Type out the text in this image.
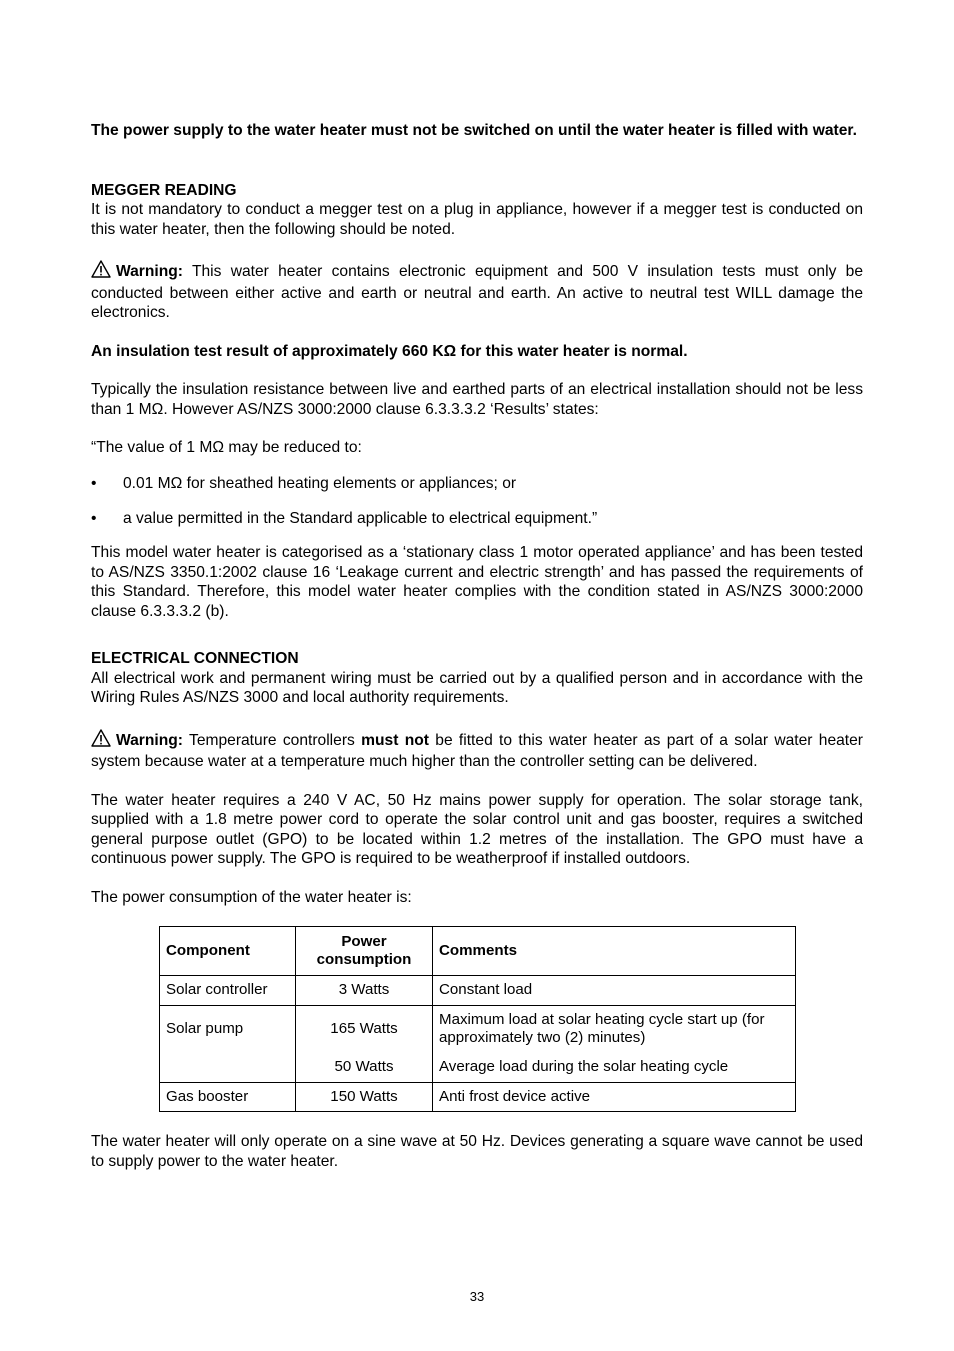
The power supply to the water heater must not be switched on until the water heater is filled with water.

MEGGER READING

It is not mandatory to conduct a megger test on a plug in appliance, however if a megger test is conducted on this water heater, then the following should be noted.

Warning: This water heater contains electronic equipment and 500 V insulation tests must only be conducted between either active and earth or neutral and earth. An active to neutral test WILL damage the electronics.

An insulation test result of approximately 660 KΩ for this water heater is normal.

Typically the insulation resistance between live and earthed parts of an electrical installation should not be less than 1 MΩ. However AS/NZS 3000:2000 clause 6.3.3.3.2 ‘Results’ states:

“The value of 1 MΩ may be reduced to:

• 0.01 MΩ for sheathed heating elements or appliances; or
• a value permitted in the Standard applicable to electrical equipment.”

This model water heater is categorised as a ‘stationary class 1 motor operated appliance’ and has been tested to AS/NZS 3350.1:2002 clause 16 ‘Leakage current and electric strength’ and has passed the requirements of this Standard. Therefore, this model water heater complies with the condition stated in AS/NZS 3000:2000 clause 6.3.3.3.2 (b).

ELECTRICAL CONNECTION

All electrical work and permanent wiring must be carried out by a qualified person and in accordance with the Wiring Rules AS/NZS 3000 and local authority requirements.

Warning: Temperature controllers must not be fitted to this water heater as part of a solar water heater system because water at a temperature much higher than the controller setting can be delivered.

The water heater requires a 240 V AC, 50 Hz mains power supply for operation. The solar storage tank, supplied with a 1.8 metre power cord to operate the solar control unit and gas booster, requires a switched general purpose outlet (GPO) to be located within 1.2 metres of the installation. The GPO must have a continuous power supply. The GPO is required to be weatherproof if installed outdoors.

The power consumption of the water heater is:

Component	Power consumption	Comments
Solar controller	3 Watts	Constant load
Solar pump	165 Watts	Maximum load at solar heating cycle start up (for approximately two (2) minutes)
	50 Watts	Average load during the solar heating cycle
Gas booster	150 Watts	Anti frost device active

The water heater will only operate on a sine wave at 50 Hz. Devices generating a square wave cannot be used to supply power to the water heater.

33
